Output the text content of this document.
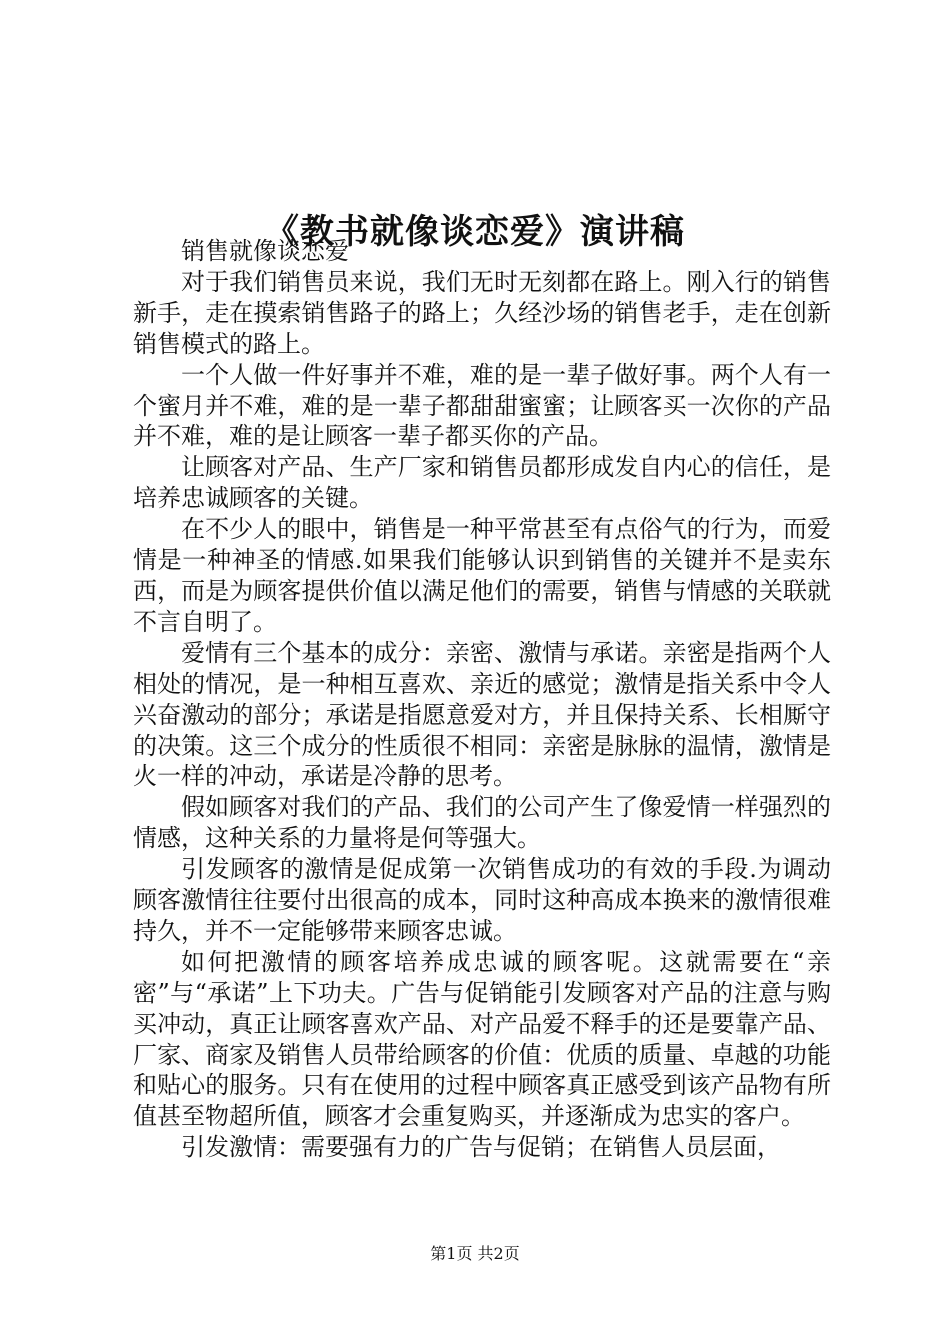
《教书就像谈恋爱》演讲稿

销售就像谈恋爱

对于我们销售员来说，我们无时无刻都在路上。刚入行的销售新手，走在摸索销售路子的路上；久经沙场的销售老手，走在创新销售模式的路上。

一个人做一件好事并不难，难的是一辈子做好事。两个人有一个蜜月并不难，难的是一辈子都甜甜蜜蜜；让顾客买一次你的产品并不难，难的是让顾客一辈子都买你的产品。

让顾客对产品、生产厂家和销售员都形成发自内心的信任，是培养忠诚顾客的关键。

在不少人的眼中，销售是一种平常甚至有点俗气的行为，而爱情是一种神圣的情感.如果我们能够认识到销售的关键并不是卖东西，而是为顾客提供价值以满足他们的需要，销售与情感的关联就不言自明了。

爱情有三个基本的成分：亲密、激情与承诺。亲密是指两个人相处的情况，是一种相互喜欢、亲近的感觉；激情是指关系中令人兴奋激动的部分；承诺是指愿意爱对方，并且保持关系、长相厮守的决策。这三个成分的性质很不相同：亲密是脉脉的温情，激情是火一样的冲动，承诺是冷静的思考。

假如顾客对我们的产品、我们的公司产生了像爱情一样强烈的情感，这种关系的力量将是何等强大。

引发顾客的激情是促成第一次销售成功的有效的手段.为调动顾客激情往往要付出很高的成本，同时这种高成本换来的激情很难持久，并不一定能够带来顾客忠诚。

如何把激情的顾客培养成忠诚的顾客呢。这就需要在“亲密”与“承诺”上下功夫。广告与促销能引发顾客对产品的注意与购买冲动，真正让顾客喜欢产品、对产品爱不释手的还是要靠产品、厂家、商家及销售人员带给顾客的价值：优质的质量、卓越的功能和贴心的服务。只有在使用的过程中顾客真正感受到该产品物有所值甚至物超所值，顾客才会重复购买，并逐渐成为忠实的客户。

引发激情：需要强有力的广告与促销；在销售人员层面，

第1页 共2页
